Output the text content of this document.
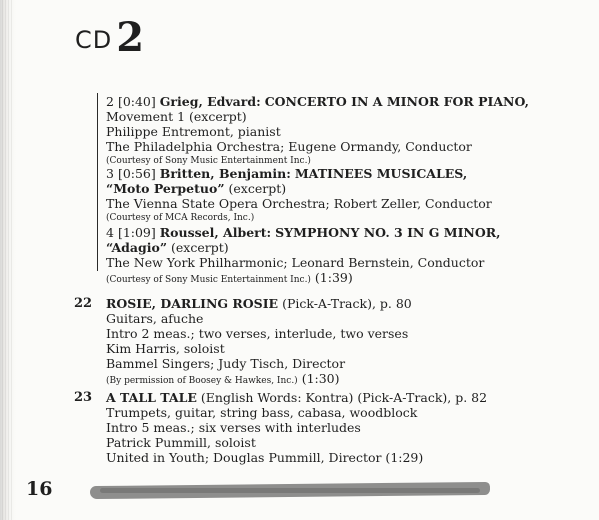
CD 2
2 [0:40] Grieg, Edvard: CONCERTO IN A MINOR FOR PIANO,
Movement 1 (excerpt)
Philippe Entremont, pianist
The Philadelphia Orchestra; Eugene Ormandy, Conductor
(Courtesy of Sony Music Entertainment Inc.)
3 [0:56] Britten, Benjamin: MATINEES MUSICALES,
“Moto Perpetuo” (excerpt)
The Vienna State Opera Orchestra; Robert Zeller, Conductor
(Courtesy of MCA Records, Inc.)
4 [1:09] Roussel, Albert: SYMPHONY NO. 3 IN G MINOR,
“Adagio” (excerpt)
The New York Philharmonic; Leonard Bernstein, Conductor
(Courtesy of Sony Music Entertainment Inc.) (1:39)
22 ROSIE, DARLING ROSIE (Pick-A-Track), p. 80
Guitars, afuche
Intro 2 meas.; two verses, interlude, two verses
Kim Harris, soloist
Bammel Singers; Judy Tisch, Director
(By permission of Boosey & Hawkes, Inc.) (1:30)
23 A TALL TALE (English Words: Kontra) (Pick-A-Track), p. 82
Trumpets, guitar, string bass, cabasa, woodblock
Intro 5 meas.; six verses with interludes
Patrick Pummill, soloist
United in Youth; Douglas Pummill, Director (1:29)
16
